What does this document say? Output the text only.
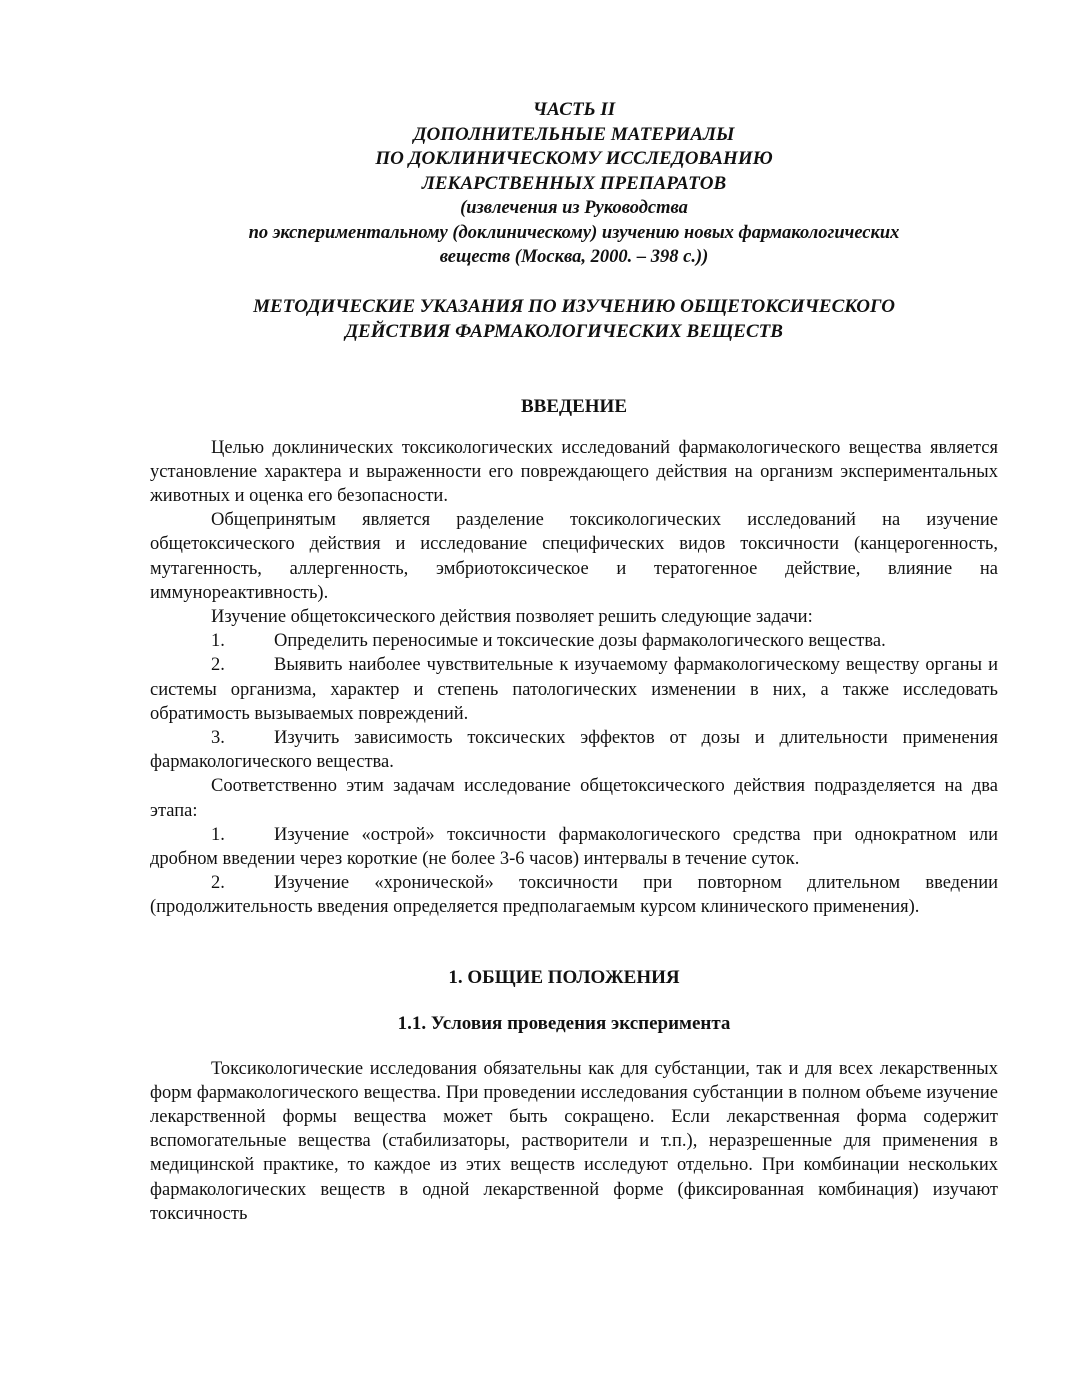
ЧАСТЬ II
ДОПОЛНИТЕЛЬНЫЕ МАТЕРИАЛЫ
ПО ДОКЛИНИЧЕСКОМУ ИССЛЕДОВАНИЮ
ЛЕКАРСТВЕННЫХ ПРЕПАРАТОВ
(извлечения из Руководства
по экспериментальному (доклиническому) изучению новых фармакологических
веществ (Москва, 2000. – 398 с.))
МЕТОДИЧЕСКИЕ УКАЗАНИЯ ПО ИЗУЧЕНИЮ ОБЩЕТОКСИЧЕСКОГО
ДЕЙСТВИЯ ФАРМАКОЛОГИЧЕСКИХ ВЕЩЕСТВ
ВВЕДЕНИЕ

Целью доклинических токсикологических исследований фармакологического вещества является установление характера и выраженности его повреждающего действия на организм экспериментальных животных и оценка его безопасности.

Общепринятым является разделение токсикологических исследований на изучение общетоксического действия и исследование специфических видов токсичности (канцерогенность, мутагенность, аллергенность, эмбриотоксическое и тератогенное действие, влияние на иммунореактивность).

Изучение общетоксического действия позволяет решить следующие задачи:

1.	Определить переносимые и токсические дозы фармакологического вещества.
2.	Выявить наиболее чувствительные к изучаемому фармакологическому веществу органы и системы организма, характер и степень патологических изменении в них, а также исследовать обратимость вызываемых повреждений.
3.	Изучить зависимость токсических эффектов от дозы и длительности применения фармакологического вещества.

Соответственно этим задачам исследование общетоксического действия подразделяется на два этапа:

1.	Изучение «острой» токсичности фармакологического средства при однократном или дробном введении через короткие (не более 3-6 часов) интервалы в течение суток.
2.	Изучение «хронической» токсичности при повторном длительном введении (продолжительность введения определяется предполагаемым курсом клинического применения).
1. ОБЩИЕ ПОЛОЖЕНИЯ
1.1. Условия проведения эксперимента

Токсикологические исследования обязательны как для субстанции, так и для всех лекарственных форм фармакологического вещества. При проведении исследования субстанции в полном объеме изучение лекарственной формы вещества может быть сокращено. Если лекарственная форма содержит вспомогательные вещества (стабилизаторы, растворители и т.п.), неразрешенные для применения в медицинской практике, то каждое из этих веществ исследуют отдельно. При комбинации нескольких фармакологических веществ в одной лекарственной форме (фиксированная комбинация) изучают токсичность
